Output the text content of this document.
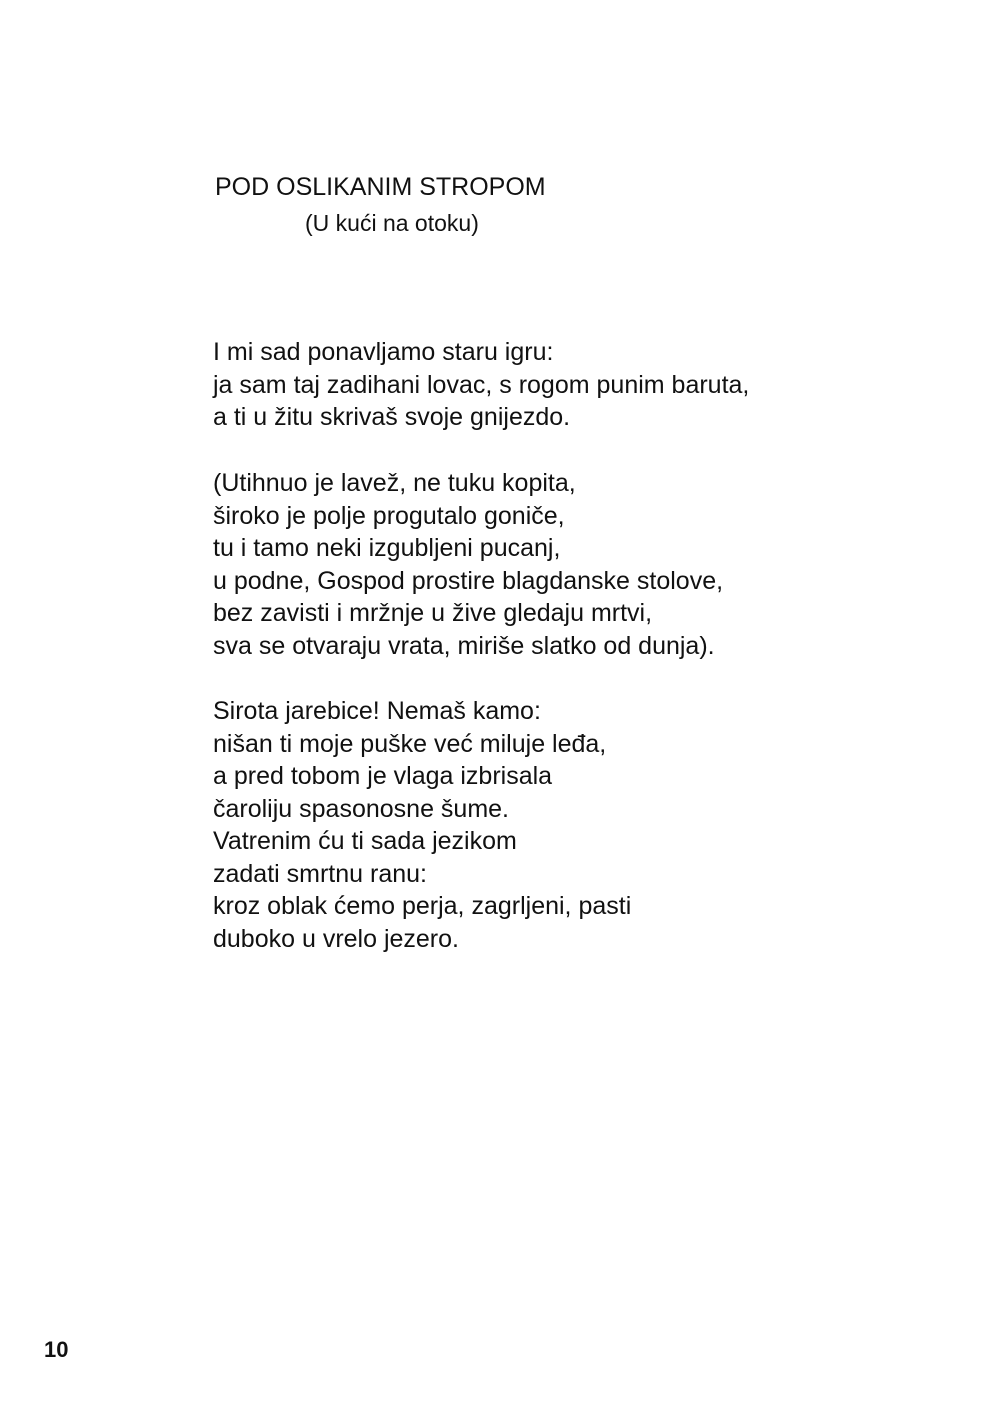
POD OSLIKANIM STROPOM
(U kući na otoku)
I mi sad ponavljamo staru igru:
ja sam taj zadihani lovac, s rogom punim baruta,
a ti u žitu skrivaš svoje gnijezdo.
(Utihnuo je lavež, ne tuku kopita,
široko je polje progutalo goniče,
tu i tamo neki izgubljeni pucanj,
u podne, Gospod prostire blagdanske stolove,
bez zavisti i mržnje u žive gledaju mrtvi,
sva se otvaraju vrata, miriše slatko od dunja).
Sirota jarebice! Nemaš kamo:
nišan ti moje puške već miluje leđa,
a pred tobom je vlaga izbrisala
čaroliju spasonosne šume.
Vatrenim ću ti sada jezikom
zadati smrtnu ranu:
kroz oblak ćemo perja, zagrljeni, pasti
duboko u vrelo jezero.
10
